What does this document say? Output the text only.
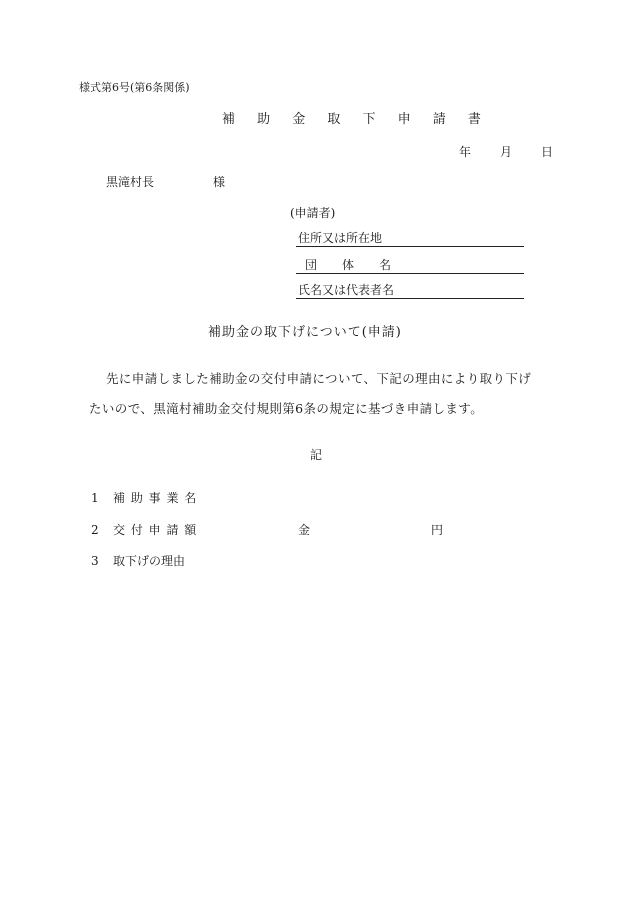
様式第6号(第6条関係)
補 助 金 取 下 申 請 書
年 月 日
黒滝村長	様
(申請者)
住所又は所在地
団 体 名
氏名又は代表者名
補助金の取下げについて(申請)
先に申請しました補助金の交付申請について、下記の理由により取り下げ
たいので、黒滝村補助金交付規則第6条の規定に基づき申請します。
記
1 補 助 事 業 名
2 交 付 申 請 額	金	円
3 取下げの理由
